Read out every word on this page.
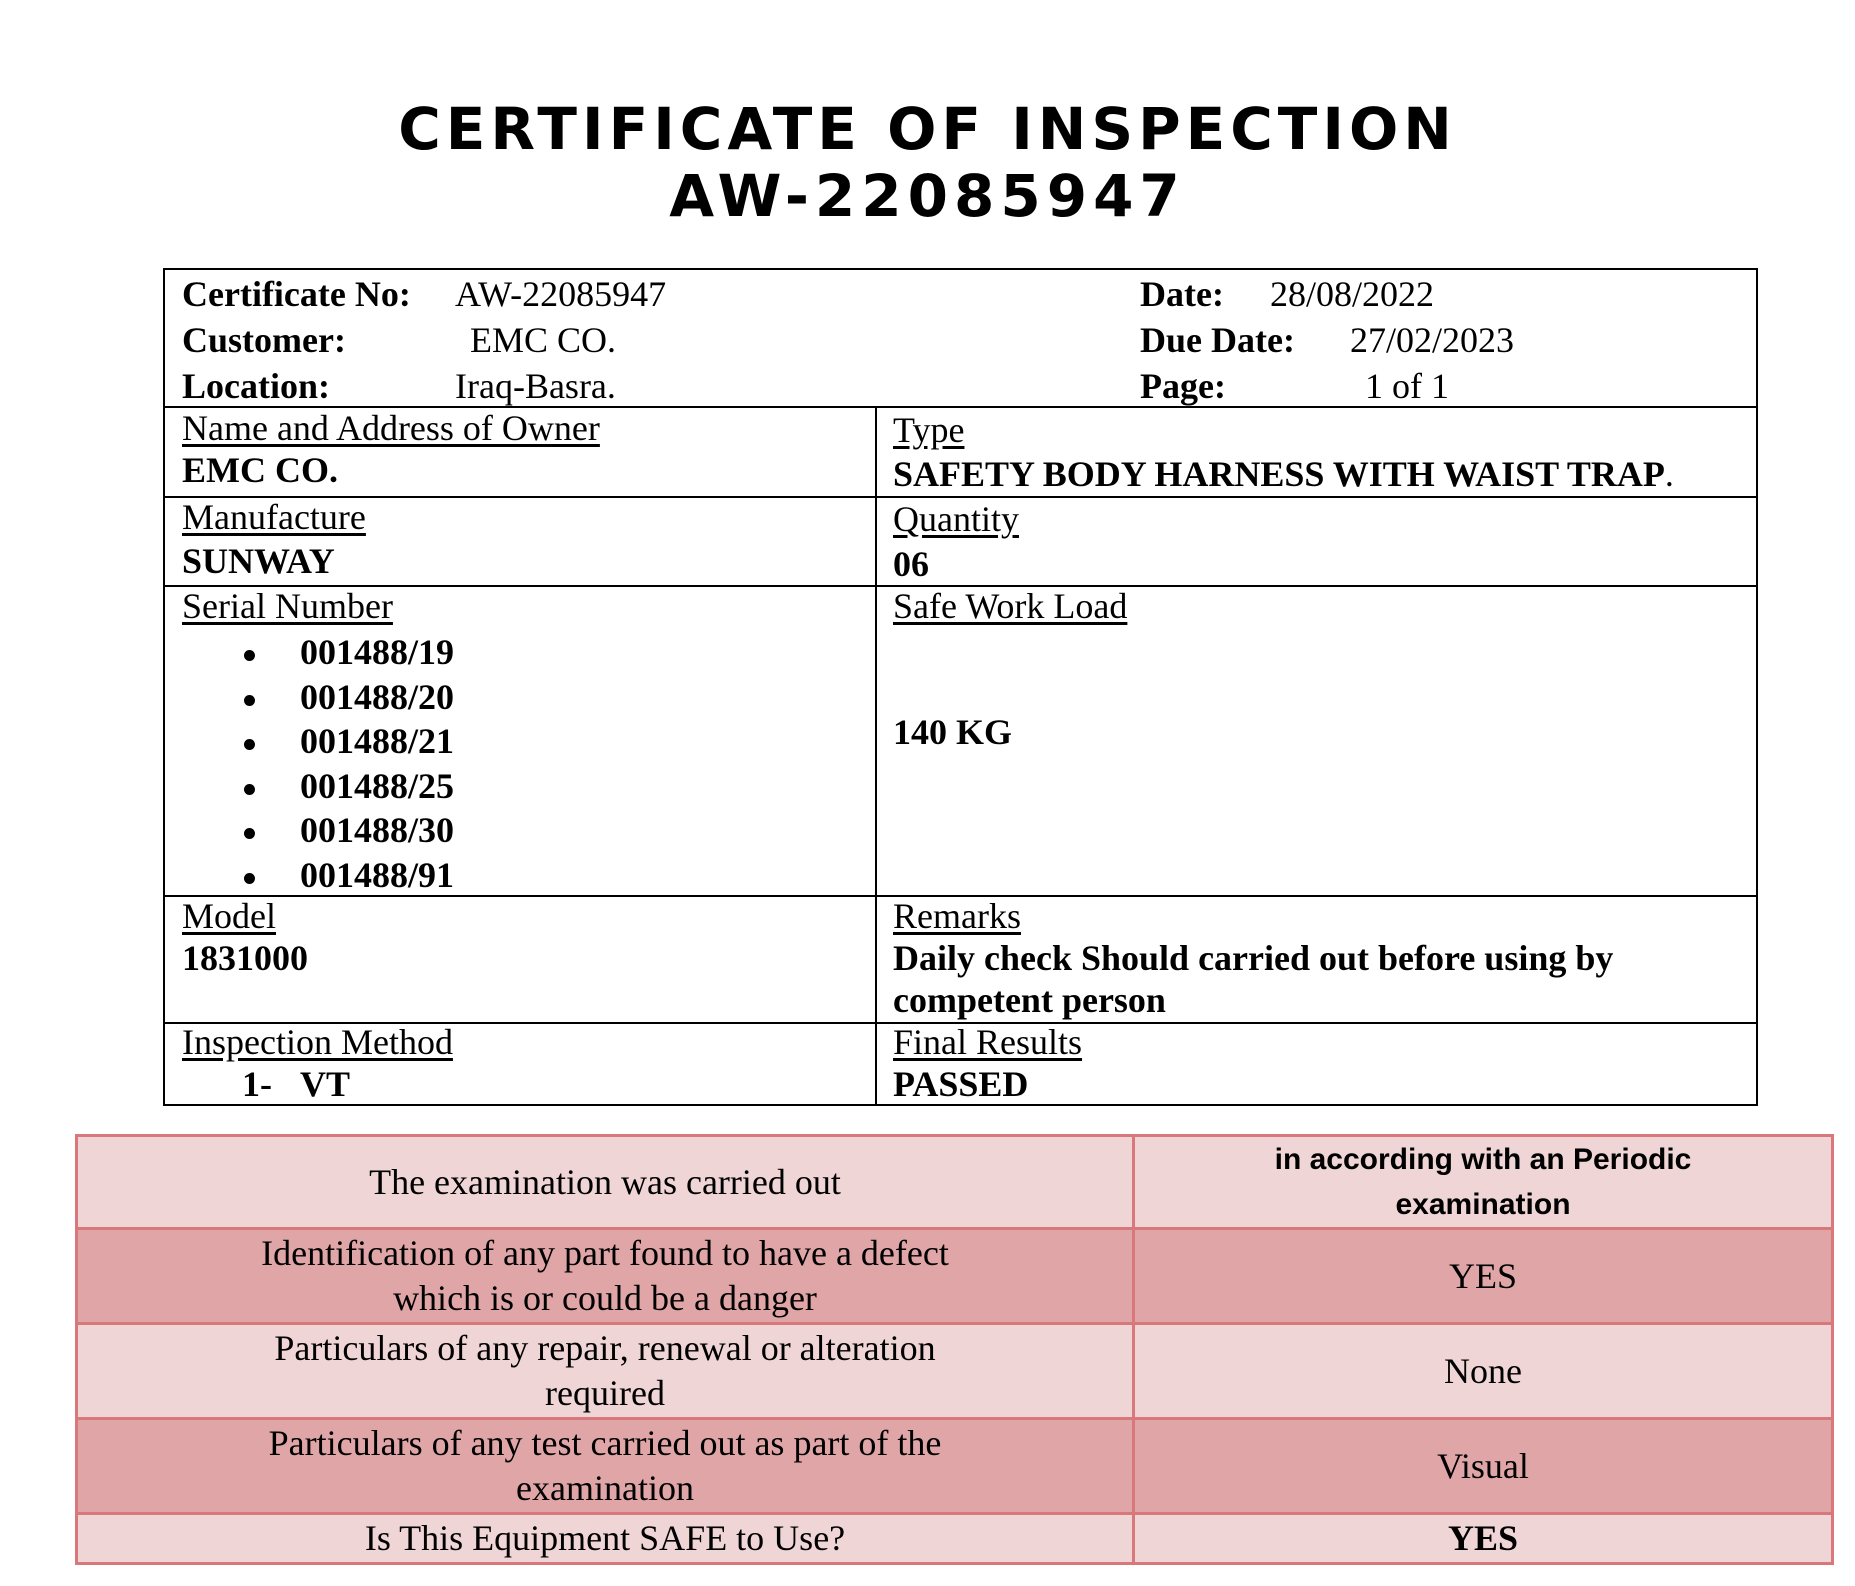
CERTIFICATE OF INSPECTION
AW-22085947
Certificate No: AW-22085947
Customer:	EMC CO.
Location:	Iraq-Basra.
Date: 28/08/2022
Due Date: 27/02/2023
Page:	1 of 1
Name and Address of Owner
EMC CO.
Type
SAFETY BODY HARNESS WITH WAIST TRAP.
Manufacture
SUNWAY
Quantity
06
Serial Number
001488/19
001488/20
001488/21
001488/25
001488/30
001488/91
Safe Work Load
140 KG
Model
1831000
Remarks
Daily check Should carried out before using by
competent person
Inspection Method
1- VT
Final Results
PASSED
The examination was carried out	in according with an Periodic
examination
Identification of any part found to have a defect
which is or could be a danger	YES
Particulars of any repair, renewal or alteration
required	None
Particulars of any test carried out as part of the
examination	Visual
Is This Equipment SAFE to Use?	YES
